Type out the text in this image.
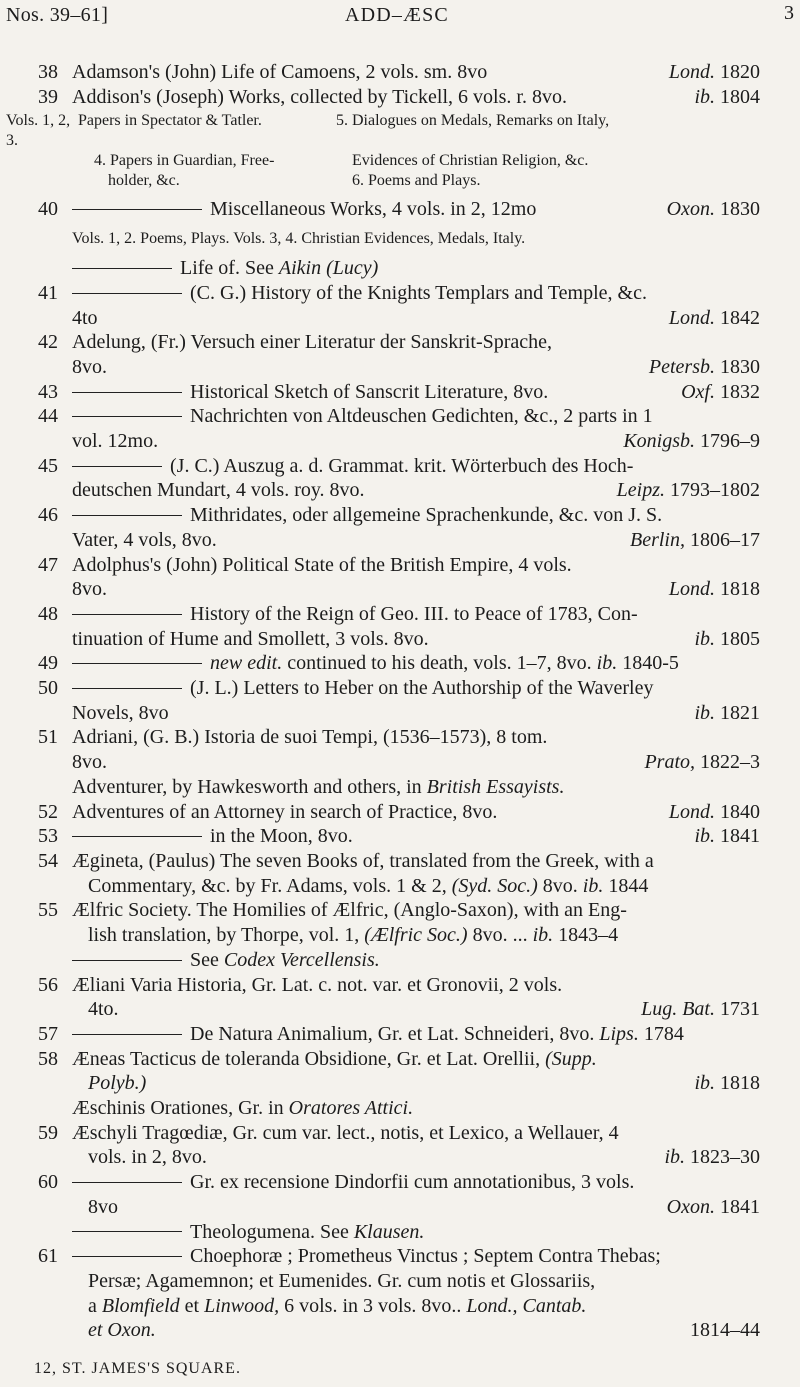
Nos. 39–61]	ADD–ÆSC	3
38 Adamson's (John) Life of Camoens, 2 vols. sm. 8vo	Lond. 1820
39 Addison's (Joseph) Works, collected by Tickell, 6 vols. r. 8vo.	ib. 1804
Vols. 1, 2, 3.	Papers in Spectator & Tatler.	5. Dialogues on Medals, Remarks on Italy,
	4. Papers in Guardian, Free-	Evidences of Christian Religion, &c.
	holder, &c.	6. Poems and Plays.
40	Miscellaneous Works, 4 vols. in 2, 12mo	Oxon. 1830
Vols. 1, 2. Poems, Plays. Vols. 3, 4. Christian Evidences, Medals, Italy.
Life of. See Aikin (Lucy)
41	(C. G.) History of the Knights Templars and Temple, &c.
4to	Lond. 1842
42 Adelung, (Fr.) Versuch einer Literatur der Sanskrit-Sprache,
8vo.	Petersb. 1830
43	Historical Sketch of Sanscrit Literature, 8vo.	Oxf. 1832
44	Nachrichten von Altdeuschen Gedichten, &c., 2 parts in 1
vol. 12mo.	Konigsb. 1796–9
45	(J. C.) Auszug a. d. Grammat. krit. Wörterbuch des Hoch-
deutschen Mundart, 4 vols. roy. 8vo.	Leipz. 1793–1802
46	Mithridates, oder allgemeine Sprachenkunde, &c. von J. S.
Vater, 4 vols, 8vo.	Berlin, 1806–17
47 Adolphus's (John) Political State of the British Empire, 4 vols.
8vo.	Lond. 1818
48	History of the Reign of Geo. III. to Peace of 1783, Con-
tinuation of Hume and Smollett, 3 vols. 8vo.	ib. 1805
49	new edit. continued to his death, vols. 1–7, 8vo. ib. 1840-5
50	(J. L.) Letters to Heber on the Authorship of the Waverley
Novels, 8vo	ib. 1821
51 Adriani, (G. B.) Istoria de suoi Tempi, (1536–1573), 8 tom.
8vo.	Prato, 1822–3
Adventurer, by Hawkesworth and others, in British Essayists.
52 Adventures of an Attorney in search of Practice, 8vo.	Lond. 1840
53	in the Moon, 8vo.	ib. 1841
54 Ægineta, (Paulus) The seven Books of, translated from the Greek, with a
Commentary, &c. by Fr. Adams, vols. 1 & 2, (Syd. Soc.) 8vo. ib. 1844
55 Ælfric Society. The Homilies of Ælfric, (Anglo-Saxon), with an Eng-
lish translation, by Thorpe, vol. 1, (Ælfric Soc.) 8vo. ... ib. 1843–4
See Codex Vercellensis.
56 Æliani Varia Historia, Gr. Lat. c. not. var. et Gronovii, 2 vols.
4to.	Lug. Bat. 1731
57	De Natura Animalium, Gr. et Lat. Schneideri, 8vo. Lips. 1784
58 Æneas Tacticus de toleranda Obsidione, Gr. et Lat. Orellii, (Supp.
Polyb.)	ib. 1818
Æschinis Orationes, Gr. in Oratores Attici.
59 Æschyli Tragœdiæ, Gr. cum var. lect., notis, et Lexico, a Wellauer, 4
vols. in 2, 8vo.	ib. 1823–30
60	Gr. ex recensione Dindorfii cum annotationibus, 3 vols.
8vo	Oxon. 1841
Theologumena. See Klausen.
61	Choephoræ ; Prometheus Vinctus ; Septem Contra Thebas;
Persæ; Agamemnon; et Eumenides. Gr. cum notis et Glossariis,
a Blomfield et Linwood, 6 vols. in 3 vols. 8vo.. Lond., Cantab.
et Oxon.	1814–44
12, ST. JAMES'S SQUARE.
